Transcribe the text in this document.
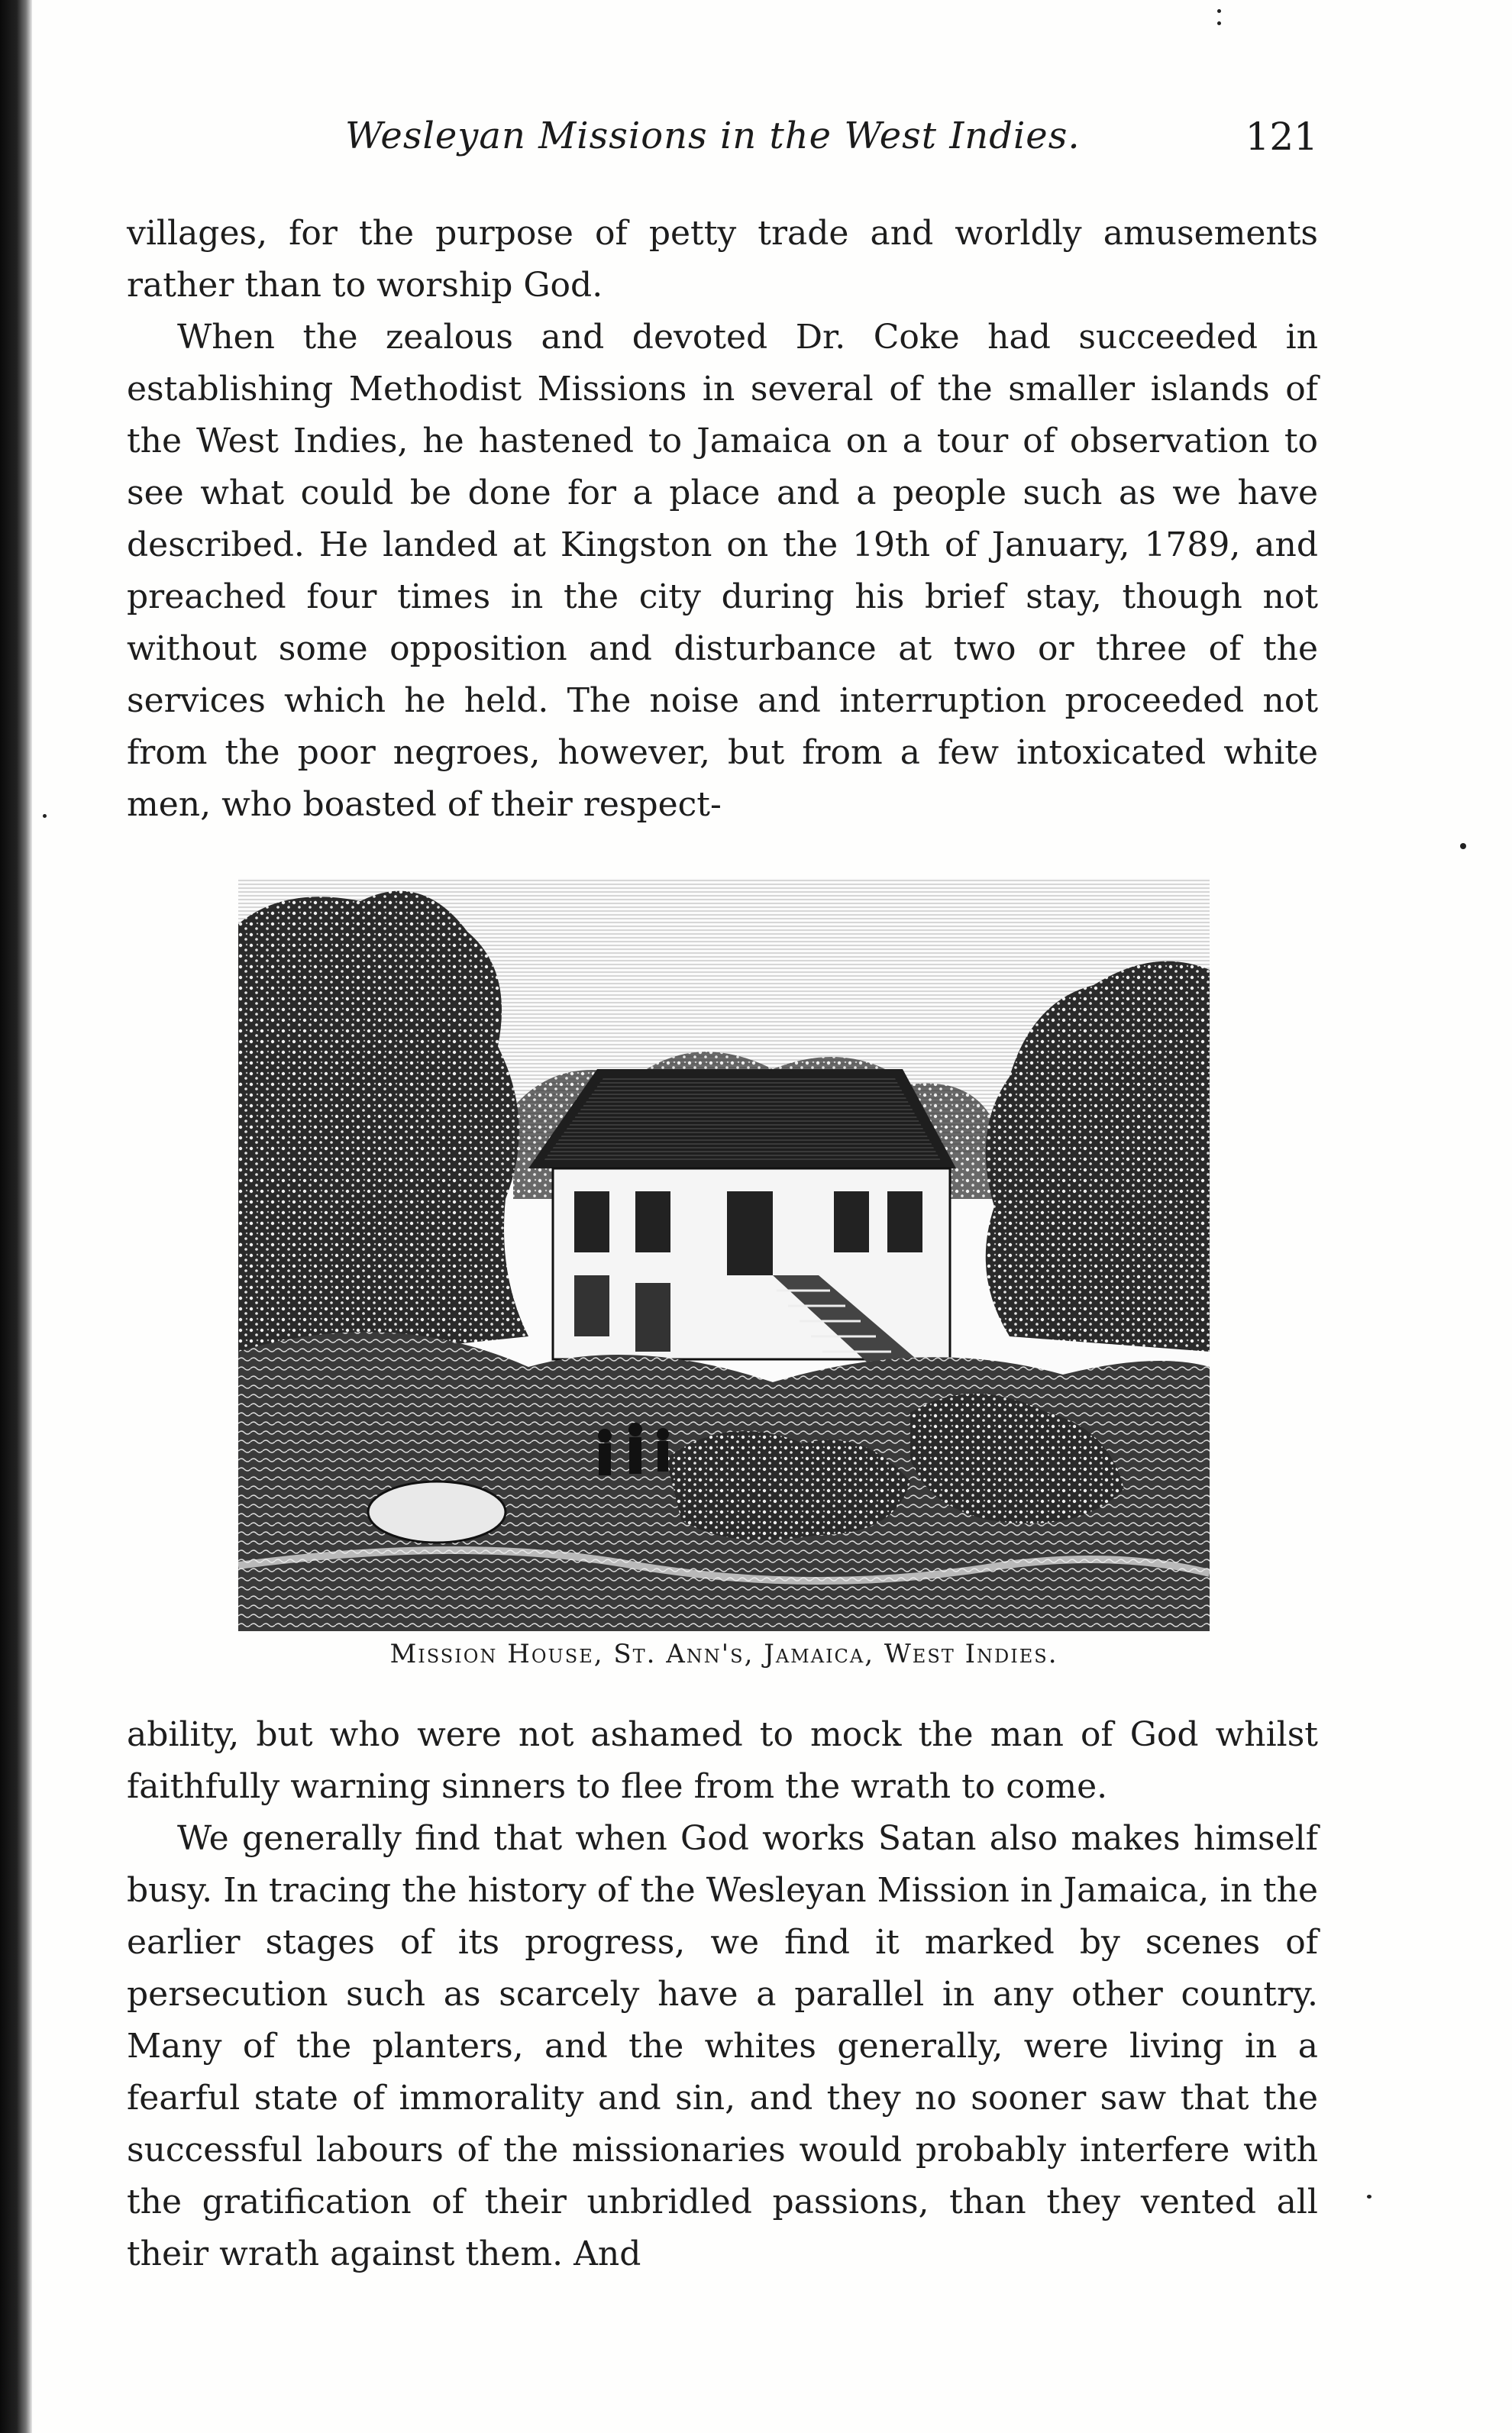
Wesleyan Missions in the West Indies.	121

villages, for the purpose of petty trade and worldly amusements rather than to worship God.

When the zealous and devoted Dr. Coke had succeeded in establishing Methodist Missions in several of the smaller islands of the West Indies, he hastened to Jamaica on a tour of observation to see what could be done for a place and a people such as we have described. He landed at Kingston on the 19th of January, 1789, and preached four times in the city during his brief stay, though not without some opposition and disturbance at two or three of the services which he held. The noise and interruption proceeded not from the poor negroes, however, but from a few intoxicated white men, who boasted of their respect-

Mission House, St. Ann's, Jamaica, West Indies.

ability, but who were not ashamed to mock the man of God whilst faithfully warning sinners to flee from the wrath to come.

We generally find that when God works Satan also makes himself busy. In tracing the history of the Wesleyan Mission in Jamaica, in the earlier stages of its progress, we find it marked by scenes of persecution such as scarcely have a parallel in any other country. Many of the planters, and the whites generally, were living in a fearful state of immorality and sin, and they no sooner saw that the successful labours of the missionaries would probably interfere with the gratification of their unbridled passions, than they vented all their wrath against them. And
